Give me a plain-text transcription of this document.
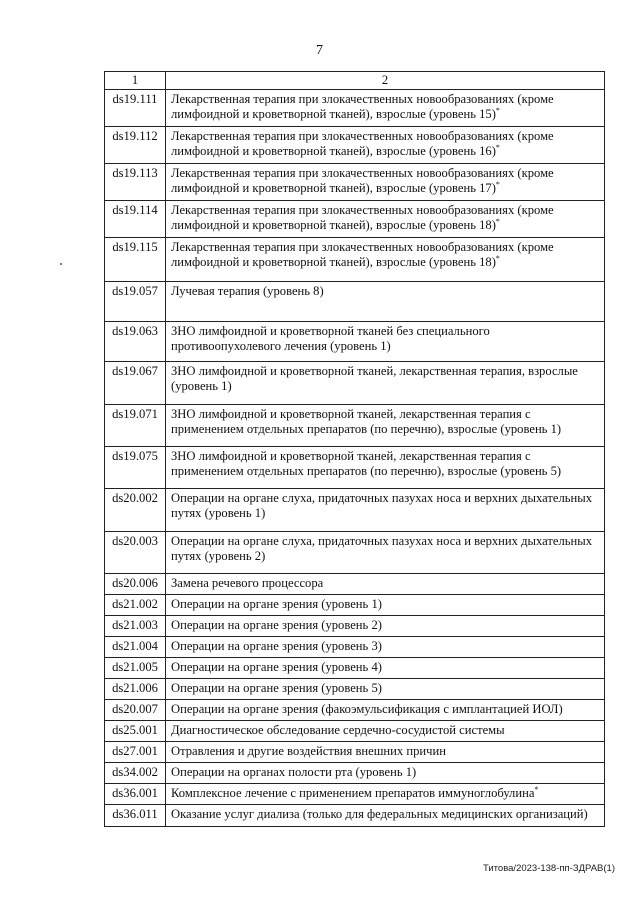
7
1	2
ds19.111	Лекарственная терапия при злокачественных новообразованиях (кроме лимфоидной и кроветворной тканей), взрослые (уровень 15)*
ds19.112	Лекарственная терапия при злокачественных новообразованиях (кроме лимфоидной и кроветворной тканей), взрослые (уровень 16)*
ds19.113	Лекарственная терапия при злокачественных новообразованиях (кроме лимфоидной и кроветворной тканей), взрослые (уровень 17)*
ds19.114	Лекарственная терапия при злокачественных новообразованиях (кроме лимфоидной и кроветворной тканей), взрослые (уровень 18)*
ds19.115	Лекарственная терапия при злокачественных новообразованиях (кроме лимфоидной и кроветворной тканей), взрослые (уровень 18)*
ds19.057	Лучевая терапия (уровень 8)
ds19.063	ЗНО лимфоидной и кроветворной тканей без специального противоопухолевого лечения (уровень 1)
ds19.067	ЗНО лимфоидной и кроветворной тканей, лекарственная терапия, взрослые (уровень 1)
ds19.071	ЗНО лимфоидной и кроветворной тканей, лекарственная терапия с применением отдельных препаратов (по перечню), взрослые (уровень 1)
ds19.075	ЗНО лимфоидной и кроветворной тканей, лекарственная терапия с применением отдельных препаратов (по перечню), взрослые (уровень 5)
ds20.002	Операции на органе слуха, придаточных пазухах носа и верхних дыхательных путях (уровень 1)
ds20.003	Операции на органе слуха, придаточных пазухах носа и верхних дыхательных путях (уровень 2)
ds20.006	Замена речевого процессора
ds21.002	Операции на органе зрения (уровень 1)
ds21.003	Операции на органе зрения (уровень 2)
ds21.004	Операции на органе зрения (уровень 3)
ds21.005	Операции на органе зрения (уровень 4)
ds21.006	Операции на органе зрения (уровень 5)
ds20.007	Операции на органе зрения (факоэмульсификация с имплантацией ИОЛ)
ds25.001	Диагностическое обследование сердечно-сосудистой системы
ds27.001	Отравления и другие воздействия внешних причин
ds34.002	Операции на органах полости рта (уровень 1)
ds36.001	Комплексное лечение с применением препаратов иммуноглобулина*
ds36.011	Оказание услуг диализа (только для федеральных медицинских организаций)
Титова/2023-138-пп-ЗДРАВ(1)
